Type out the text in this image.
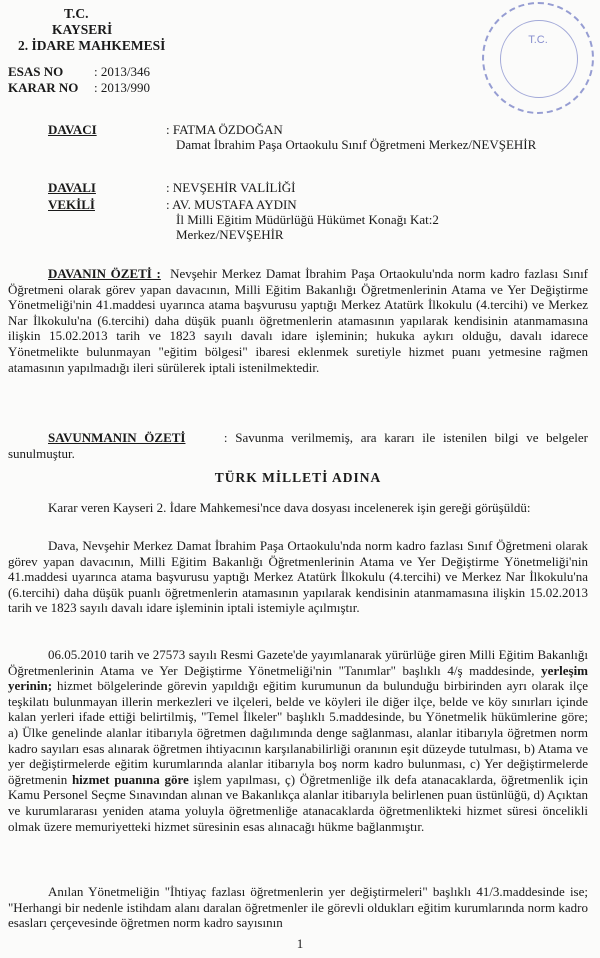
T.C.
KAYSERİ
2. İDARE MAHKEMESİ
ESAS NO : 2013/346
KARAR NO : 2013/990
T.C.
DAVACI	: FATMA ÖZDOĞAN
Damat İbrahim Paşa Ortaokulu Sınıf Öğretmeni Merkez/NEVŞEHİR
DAVALI	: NEVŞEHİR VALİLİĞİ
VEKİLİ	: AV. MUSTAFA AYDIN
İl Milli Eğitim Müdürlüğü Hükümet Konağı Kat:2
Merkez/NEVŞEHİR
DAVANIN ÖZETİ : Nevşehir Merkez Damat İbrahim Paşa Ortaokulu'nda norm kadro fazlası Sınıf Öğretmeni olarak görev yapan davacının, Milli Eğitim Bakanlığı Öğretmenlerinin Atama ve Yer Değiştirme Yönetmeliği'nin 41.maddesi uyarınca atama başvurusu yaptığı Merkez Atatürk İlkokulu (4.tercihi) ve Merkez Nar İlkokulu'na (6.tercihi) daha düşük puanlı öğretmenlerin atamasının yapılarak kendisinin atanmamasına ilişkin 15.02.2013 tarih ve 1823 sayılı davalı idare işleminin; hukuka aykırı olduğu, davalı idarece Yönetmelikte bulunmayan "eğitim bölgesi" ibaresi eklenmek suretiyle hizmet puanı yetmesine rağmen atamasının yapılmadığı ileri sürülerek iptali istenilmektedir.
SAVUNMANIN ÖZETİ	: Savunma verilmemiş, ara kararı ile istenilen bilgi ve belgeler sunulmuştur.
TÜRK MİLLETİ ADINA
Karar veren Kayseri 2. İdare Mahkemesi'nce dava dosyası incelenerek işin gereği görüşüldü:
Dava, Nevşehir Merkez Damat İbrahim Paşa Ortaokulu'nda norm kadro fazlası Sınıf Öğretmeni olarak görev yapan davacının, Milli Eğitim Bakanlığı Öğretmenlerinin Atama ve Yer Değiştirme Yönetmeliği'nin 41.maddesi uyarınca atama başvurusu yaptığı Merkez Atatürk İlkokulu (4.tercihi) ve Merkez Nar İlkokulu'na (6.tercihi) daha düşük puanlı öğretmenlerin atamasının yapılarak kendisinin atanmamasına ilişkin 15.02.2013 tarih ve 1823 sayılı davalı idare işleminin iptali istemiyle açılmıştır.
06.05.2010 tarih ve 27573 sayılı Resmi Gazete'de yayımlanarak yürürlüğe giren Milli Eğitim Bakanlığı Öğretmenlerinin Atama ve Yer Değiştirme Yönetmeliği'nin "Tanımlar" başlıklı 4/ş maddesinde, yerleşim yerinin; hizmet bölgelerinde görevin yapıldığı eğitim kurumunun da bulunduğu birbirinden ayrı olarak ilçe teşkilatı bulunmayan illerin merkezleri ve ilçeleri, belde ve köyleri ile diğer ilçe, belde ve köy sınırları içinde kalan yerleri ifade ettiği belirtilmiş, "Temel İlkeler" başlıklı 5.maddesinde, bu Yönetmelik hükümlerine göre; a) Ülke genelinde alanlar itibarıyla öğretmen dağılımında denge sağlanması, alanlar itibarıyla öğretmen norm kadro sayıları esas alınarak öğretmen ihtiyacının karşılanabilirliği oranının eşit düzeyde tutulması, b) Atama ve yer değiştirmelerde eğitim kurumlarında alanlar itibarıyla boş norm kadro bulunması, c) Yer değiştirmelerde öğretmenin hizmet puanına göre işlem yapılması, ç) Öğretmenliğe ilk defa atanacaklarda, öğretmenlik için Kamu Personel Seçme Sınavından alınan ve Bakanlıkça alanlar itibarıyla belirlenen puan üstünlüğü, d) Açıktan ve kurumlararası yeniden atama yoluyla öğretmenliğe atanacaklarda öğretmenlikteki hizmet süresi öncelikli olmak üzere memuriyetteki hizmet süresinin esas alınacağı hükme bağlanmıştır.
Anılan Yönetmeliğin "İhtiyaç fazlası öğretmenlerin yer değiştirmeleri" başlıklı 41/3.maddesinde ise; "Herhangi bir nedenle istihdam alanı daralan öğretmenler ile görevli oldukları eğitim kurumlarında norm kadro esasları çerçevesinde öğretmen norm kadro sayısının
1
